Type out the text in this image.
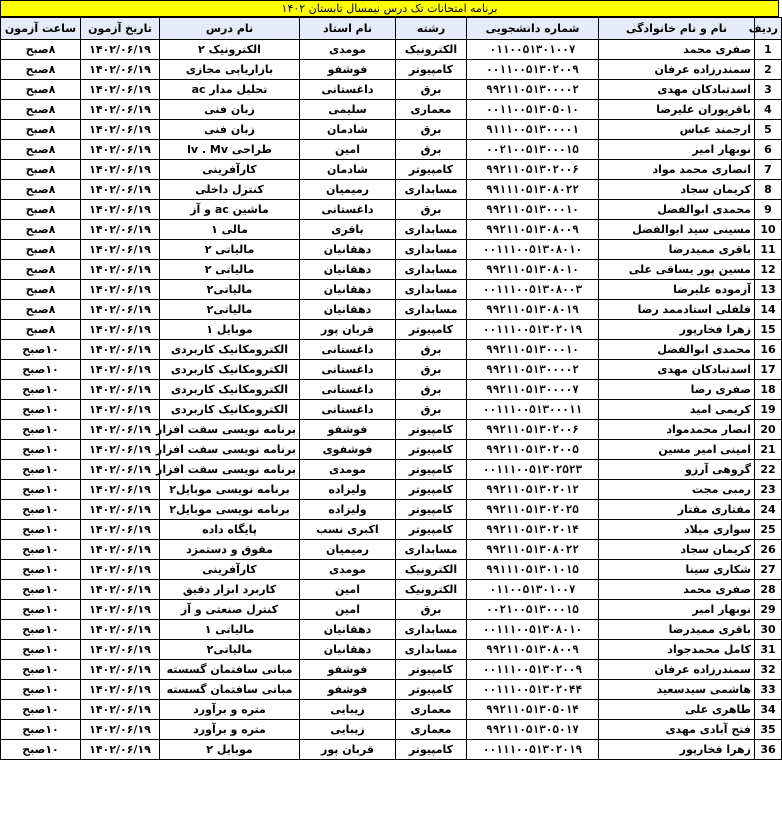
برنامه امتحانات تک درس نیمسال تابستان ۱۴۰۲
ردیف	نام و نام خانوادگی	شماره دانشجویی	رشته	نام استاد	نام درس	تاریخ آزمون	ساعت آزمون
1	صفری محمد	۰۱۱۰۰۵۱۳۰۱۰۰۷	الکترونیک	مومدی	الکترونیک ۲	۱۴۰۲/۰۶/۱۹	۸صبح
2	سمندرزاده عرفان	۰۰۱۱۰۰۵۱۳۰۲۰۰۹	کامپیوتر	فوشفو	بازاریابی مجازی	۱۴۰۲/۰۶/۱۹	۸صبح
3	اسدتبادکان مهدی	۹۹۲۱۱۰۵۱۳۰۰۰۰۲	برق	داغستانی	تحلیل مدار ac	۱۴۰۲/۰۶/۱۹	۸صبح
4	باقرپوران علیرضا	۰۰۱۱۰۰۵۱۳۰۵۰۱۰	معماری	سلیمی	زبان فنی	۱۴۰۲/۰۶/۱۹	۸صبح
5	ارجمند عباس	۹۱۱۱۰۰۵۱۳۰۰۰۰۱	برق	شادمان	زبان فنی	۱۴۰۲/۰۶/۱۹	۸صبح
6	نوبهار امیر	۰۰۲۱۰۰۵۱۳۰۰۰۱۵	برق	امین	طراحی lv . Mv	۱۴۰۲/۰۶/۱۹	۸صبح
7	انصاری محمد مواد	۹۹۲۱۱۰۵۱۳۰۲۰۰۶	کامپیوتر	شادمان	کارآفرینی	۱۴۰۲/۰۶/۱۹	۸صبح
8	کریمان سجاد	۹۹۱۱۱۰۵۱۳۰۸۰۲۲	مسابداری	رمیمیان	کنترل داخلی	۱۴۰۲/۰۶/۱۹	۸صبح
9	محمدی ابوالفضل	۹۹۲۱۱۰۵۱۳۰۰۰۱۰	برق	داغستانی	ماشین ac و آز	۱۴۰۲/۰۶/۱۹	۸صبح
10	مسینی سید ابوالفضل	۹۹۲۱۱۰۵۱۳۰۸۰۰۹	مسابداری	باقری	مالی ۱	۱۴۰۲/۰۶/۱۹	۸صبح
11	باقری ممیدرضا	۰۰۱۱۱۰۰۵۱۳۰۸۰۱۰	مسابداری	دهقانیان	مالیاتی ۲	۱۴۰۲/۰۶/۱۹	۸صبح
12	مسین پور یساقی علی	۹۹۲۱۱۰۵۱۳۰۸۰۱۰	مسابداری	دهقانیان	مالیاتی ۲	۱۴۰۲/۰۶/۱۹	۸صبح
13	آزموده علیرضا	۰۰۱۱۱۰۰۵۱۳۰۸۰۰۳	مسابداری	دهقانیان	مالیاتی۲	۱۴۰۲/۰۶/۱۹	۸صبح
14	فلفلی استادممد رضا	۹۹۲۱۱۰۵۱۳۰۸۰۱۹	مسابداری	دهقانیان	مالیاتی۲	۱۴۰۲/۰۶/۱۹	۸صبح
15	زهرا فخارپور	۰۰۱۱۱۰۰۵۱۳۰۲۰۱۹	کامپیوتر	قربان پور	موبایل ۱	۱۴۰۲/۰۶/۱۹	۸صبح
16	محمدی ابوالفضل	۹۹۲۱۱۰۵۱۳۰۰۰۱۰	برق	داغستانی	الکترومکانیک کاربردی	۱۴۰۲/۰۶/۱۹	۱۰صبح
17	اسدتبادکان مهدی	۹۹۲۱۱۰۵۱۳۰۰۰۰۲	برق	داغستانی	الکترومکانیک کاربردی	۱۴۰۲/۰۶/۱۹	۱۰صبح
18	صفری رضا	۹۹۲۱۱۰۵۱۳۰۰۰۰۷	برق	داغستانی	الکترومکانیک کاربردی	۱۴۰۲/۰۶/۱۹	۱۰صبح
19	کریمی امید	۰۰۱۱۱۰۰۵۱۳۰۰۰۱۱	برق	داغستانی	الکترومکانیک کاربردی	۱۴۰۲/۰۶/۱۹	۱۰صبح
20	انصار محمدمواد	۹۹۲۱۱۰۵۱۳۰۲۰۰۶	کامپیوتر	فوشفو	برنامه نویسی سفت افزار	۱۴۰۲/۰۶/۱۹	۱۰صبح
21	امینی امیر مسین	۹۹۲۱۱۰۵۱۳۰۲۰۰۵	کامپیوتر	فوشفوی	برنامه نویسی سفت افزار	۱۴۰۲/۰۶/۱۹	۱۰صبح
22	گروهی آرزو	۰۰۱۱۱۰۰۵۱۳۰۲۵۲۳	کامپیوتر	مومدی	برنامه نویسی سفت افزار	۱۴۰۲/۰۶/۱۹	۱۰صبح
23	رمبی مجت	۹۹۲۱۱۰۵۱۳۰۲۰۱۲	کامپیوتر	ولیزاده	برنامه نویسی موبایل۲	۱۴۰۲/۰۶/۱۹	۱۰صبح
24	مفتاری مفتار	۹۹۲۱۱۰۵۱۳۰۲۰۲۵	کامپیوتر	ولیزاده	برنامه نویسی موبایل۲	۱۴۰۲/۰۶/۱۹	۱۰صبح
25	سواری میلاد	۹۹۲۱۱۰۵۱۳۰۲۰۱۴	کامپیوتر	اکبری نسب	پایگاه داده	۱۴۰۲/۰۶/۱۹	۱۰صبح
26	کریمان سجاد	۹۹۲۱۱۰۵۱۳۰۸۰۲۲	مسابداری	رمیمیان	مقوق و دستمزد	۱۴۰۲/۰۶/۱۹	۱۰صبح
27	شکاری سینا	۹۹۱۱۱۰۵۱۳۰۱۰۱۵	الکترونیک	مومدی	کارآفرینی	۱۴۰۲/۰۶/۱۹	۱۰صبح
28	صفری محمد	۰۱۱۰۰۵۱۳۰۱۰۰۷	الکترونیک	امین	کاربرد ابزار دقیق	۱۴۰۲/۰۶/۱۹	۱۰صبح
29	نوبهار امیر	۰۰۲۱۰۰۵۱۳۰۰۰۱۵	برق	امین	کنترل صنعتی و آز	۱۴۰۲/۰۶/۱۹	۱۰صبح
30	باقری ممیدرضا	۰۰۱۱۱۰۰۵۱۳۰۸۰۱۰	مسابداری	دهقانیان	مالیاتی ۱	۱۴۰۲/۰۶/۱۹	۱۰صبح
31	کامل محمدجواد	۹۹۲۱۱۰۵۱۳۰۸۰۰۹	مسابداری	دهقانیان	مالیاتی۲	۱۴۰۲/۰۶/۱۹	۱۰صبح
32	سمندرزاده عرفان	۰۰۱۱۱۰۰۵۱۳۰۲۰۰۹	کامپیوتر	فوشفو	مبانی سافتمان گسسته	۱۴۰۲/۰۶/۱۹	۱۰صبح
33	هاشمی سیدسعید	۰۰۱۱۱۰۰۵۱۳۰۲۰۴۴	کامپیوتر	فوشفو	مبانی سافتمان گسسته	۱۴۰۲/۰۶/۱۹	۱۰صبح
34	طاهری علی	۹۹۲۱۱۰۵۱۳۰۵۰۱۴	معماری	زیبایی	متره و برآورد	۱۴۰۲/۰۶/۱۹	۱۰صبح
35	فتح آبادی مهدی	۹۹۲۱۱۰۵۱۳۰۵۰۱۷	معماری	زیبایی	متره و برآورد	۱۴۰۲/۰۶/۱۹	۱۰صبح
36	زهرا فخارپور	۰۰۱۱۱۰۰۵۱۳۰۲۰۱۹	کامپیوتر	قربان پور	موبایل ۲	۱۴۰۲/۰۶/۱۹	۱۰صبح
